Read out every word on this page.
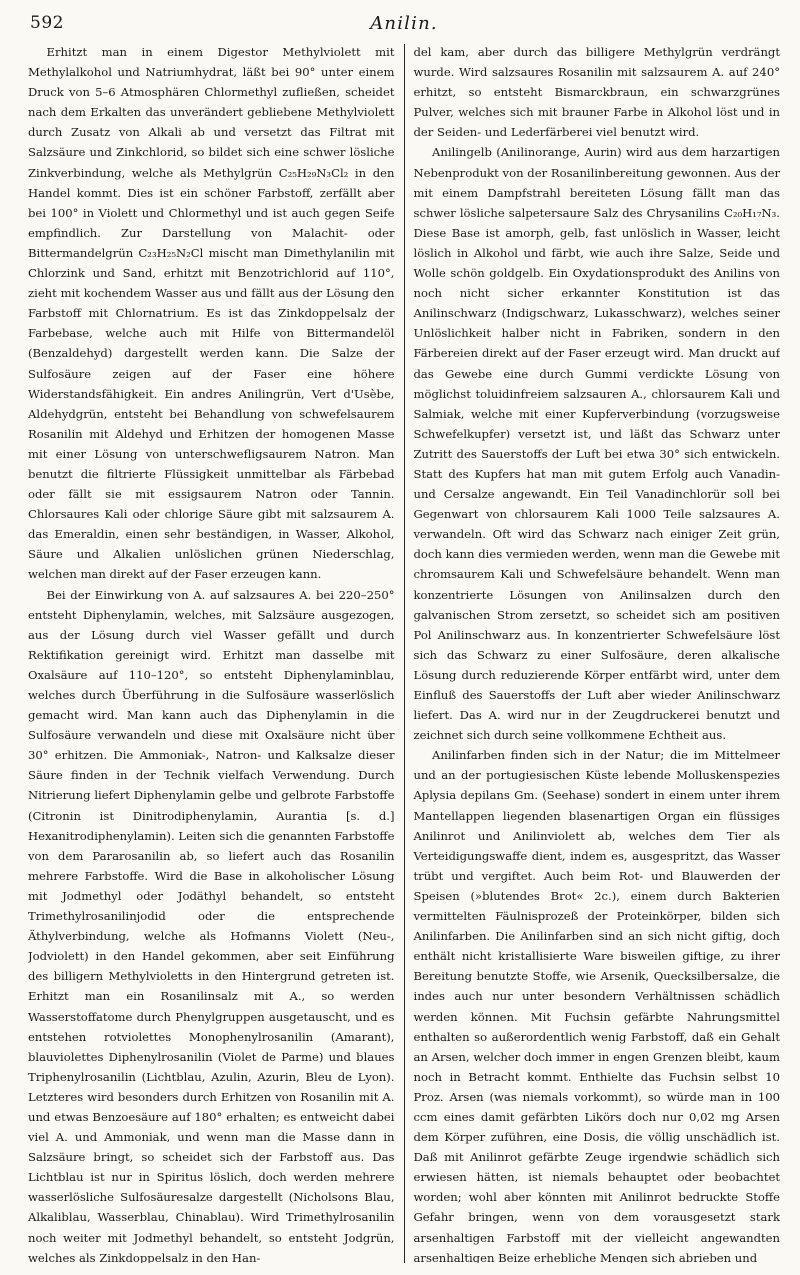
592	Anilin.

Erhitzt man in einem Digestor Methylviolett mit Methylalkohol und Natriumhydrat, läßt bei 90° unter einem Druck von 5–6 Atmosphären Chlormethyl zufließen, scheidet nach dem Erkalten das unverändert gebliebene Methylviolett durch Zusatz von Alkali ab und versetzt das Filtrat mit Salzsäure und Zinkchlorid, so bildet sich eine schwer lösliche Zinkverbindung, welche als Methylgrün C₂₅H₂₉N₃Cl₂ in den Handel kommt. Dies ist ein schöner Farbstoff, zerfällt aber bei 100° in Violett und Chlormethyl und ist auch gegen Seife empfindlich. Zur Darstellung von Malachit- oder Bittermandelgrün C₂₃H₂₅N₂Cl mischt man Dimethylanilin mit Chlorzink und Sand, erhitzt mit Benzotrichlorid auf 110°, zieht mit kochendem Wasser aus und fällt aus der Lösung den Farbstoff mit Chlornatrium. Es ist das Zinkdoppelsalz der Farbebase, welche auch mit Hilfe von Bittermandelöl (Benzaldehyd) dargestellt werden kann. Die Salze der Sulfosäure zeigen auf der Faser eine höhere Widerstandsfähigkeit. Ein andres Anilingrün, Vert d'Usèbe, Aldehydgrün, entsteht bei Behandlung von schwefelsaurem Rosanilin mit Aldehyd und Erhitzen der homogenen Masse mit einer Lösung von unterschwefligsaurem Natron. Man benutzt die filtrierte Flüssigkeit unmittelbar als Färbebad oder fällt sie mit essigsaurem Natron oder Tannin. Chlorsaures Kali oder chlorige Säure gibt mit salzsaurem A. das Emeraldin, einen sehr beständigen, in Wasser, Alkohol, Säure und Alkalien unlöslichen grünen Niederschlag, welchen man direkt auf der Faser erzeugen kann.

Bei der Einwirkung von A. auf salzsaures A. bei 220–250° entsteht Diphenylamin, welches, mit Salzsäure ausgezogen, aus der Lösung durch viel Wasser gefällt und durch Rektifikation gereinigt wird. Erhitzt man dasselbe mit Oxalsäure auf 110–120°, so entsteht Diphenylaminblau, welches durch Überführung in die Sulfosäure wasserlöslich gemacht wird. Man kann auch das Diphenylamin in die Sulfosäure verwandeln und diese mit Oxalsäure nicht über 30° erhitzen. Die Ammoniak-, Natron- und Kalksalze dieser Säure finden in der Technik vielfach Verwendung. Durch Nitrierung liefert Diphenylamin gelbe und gelbrote Farbstoffe (Citronin ist Dinitrodiphenylamin, Aurantia [s. d.] Hexanitrodiphenylamin). Leiten sich die genannten Farbstoffe von dem Pararosanilin ab, so liefert auch das Rosanilin mehrere Farbstoffe. Wird die Base in alkoholischer Lösung mit Jodmethyl oder Jodäthyl behandelt, so entsteht Trimethylrosanilinjodid oder die entsprechende Äthylverbindung, welche als Hofmanns Violett (Neu-, Jodviolett) in den Handel gekommen, aber seit Einführung des billigern Methylvioletts in den Hintergrund getreten ist. Erhitzt man ein Rosanilinsalz mit A., so werden Wasserstoffatome durch Phenylgruppen ausgetauscht, und es entstehen rotviolettes Monophenylrosanilin (Amarant), blauviolettes Diphenylrosanilin (Violet de Parme) und blaues Triphenylrosanilin (Lichtblau, Azulin, Azurin, Bleu de Lyon). Letzteres wird besonders durch Erhitzen von Rosanilin mit A. und etwas Benzoesäure auf 180° erhalten; es entweicht dabei viel A. und Ammoniak, und wenn man die Masse dann in Salzsäure bringt, so scheidet sich der Farbstoff aus. Das Lichtblau ist nur in Spiritus löslich, doch werden mehrere wasserlösliche Sulfosäuresalze dargestellt (Nicholsons Blau, Alkaliblau, Wasserblau, Chinablau). Wird Trimethylrosanilin noch weiter mit Jodmethyl behandelt, so entsteht Jodgrün, welches als Zinkdoppelsalz in den Han-

del kam, aber durch das billigere Methylgrün verdrängt wurde. Wird salzsaures Rosanilin mit salzsaurem A. auf 240° erhitzt, so entsteht Bismarckbraun, ein schwarzgrünes Pulver, welches sich mit brauner Farbe in Alkohol löst und in der Seiden- und Lederfärberei viel benutzt wird.

Anilingelb (Anilinorange, Aurin) wird aus dem harzartigen Nebenprodukt von der Rosanilinbereitung gewonnen. Aus der mit einem Dampfstrahl bereiteten Lösung fällt man das schwer lösliche salpetersaure Salz des Chrysanilins C₂₀H₁₇N₃. Diese Base ist amorph, gelb, fast unlöslich in Wasser, leicht löslich in Alkohol und färbt, wie auch ihre Salze, Seide und Wolle schön goldgelb. Ein Oxydationsprodukt des Anilins von noch nicht sicher erkannter Konstitution ist das Anilinschwarz (Indigschwarz, Lukasschwarz), welches seiner Unlöslichkeit halber nicht in Fabriken, sondern in den Färbereien direkt auf der Faser erzeugt wird. Man druckt auf das Gewebe eine durch Gummi verdickte Lösung von möglichst toluidinfreiem salzsauren A., chlorsaurem Kali und Salmiak, welche mit einer Kupferverbindung (vorzugsweise Schwefelkupfer) versetzt ist, und läßt das Schwarz unter Zutritt des Sauerstoffs der Luft bei etwa 30° sich entwickeln. Statt des Kupfers hat man mit gutem Erfolg auch Vanadin- und Cersalze angewandt. Ein Teil Vanadinchlorür soll bei Gegenwart von chlorsaurem Kali 1000 Teile salzsaures A. verwandeln. Oft wird das Schwarz nach einiger Zeit grün, doch kann dies vermieden werden, wenn man die Gewebe mit chromsaurem Kali und Schwefelsäure behandelt. Wenn man konzentrierte Lösungen von Anilinsalzen durch den galvanischen Strom zersetzt, so scheidet sich am positiven Pol Anilinschwarz aus. In konzentrierter Schwefelsäure löst sich das Schwarz zu einer Sulfosäure, deren alkalische Lösung durch reduzierende Körper entfärbt wird, unter dem Einfluß des Sauerstoffs der Luft aber wieder Anilinschwarz liefert. Das A. wird nur in der Zeugdruckerei benutzt und zeichnet sich durch seine vollkommene Echtheit aus.

Anilinfarben finden sich in der Natur; die im Mittelmeer und an der portugiesischen Küste lebende Molluskenspezies Aplysia depilans Gm. (Seehase) sondert in einem unter ihrem Mantellappen liegenden blasenartigen Organ ein flüssiges Anilinrot und Anilinviolett ab, welches dem Tier als Verteidigungswaffe dient, indem es, ausgespritzt, das Wasser trübt und vergiftet. Auch beim Rot- und Blauwerden der Speisen (»blutendes Brot« 2c.), einem durch Bakterien vermittelten Fäulnisprozeß der Proteinkörper, bilden sich Anilinfarben. Die Anilinfarben sind an sich nicht giftig, doch enthält nicht kristallisierte Ware bisweilen giftige, zu ihrer Bereitung benutzte Stoffe, wie Arsenik, Quecksilbersalze, die indes auch nur unter besondern Verhältnissen schädlich werden können. Mit Fuchsin gefärbte Nahrungsmittel enthalten so außerordentlich wenig Farbstoff, daß ein Gehalt an Arsen, welcher doch immer in engen Grenzen bleibt, kaum noch in Betracht kommt. Enthielte das Fuchsin selbst 10 Proz. Arsen (was niemals vorkommt), so würde man in 100 ccm eines damit gefärbten Likörs doch nur 0,02 mg Arsen dem Körper zuführen, eine Dosis, die völlig unschädlich ist. Daß mit Anilinrot gefärbte Zeuge irgendwie schädlich sich erwiesen hätten, ist niemals behauptet oder beobachtet worden; wohl aber könnten mit Anilinrot bedruckte Stoffe Gefahr bringen, wenn von dem vorausgesetzt stark arsenhaltigen Farbstoff mit der vielleicht angewandten arsenhaltigen Beize erhebliche Mengen sich abrieben und
